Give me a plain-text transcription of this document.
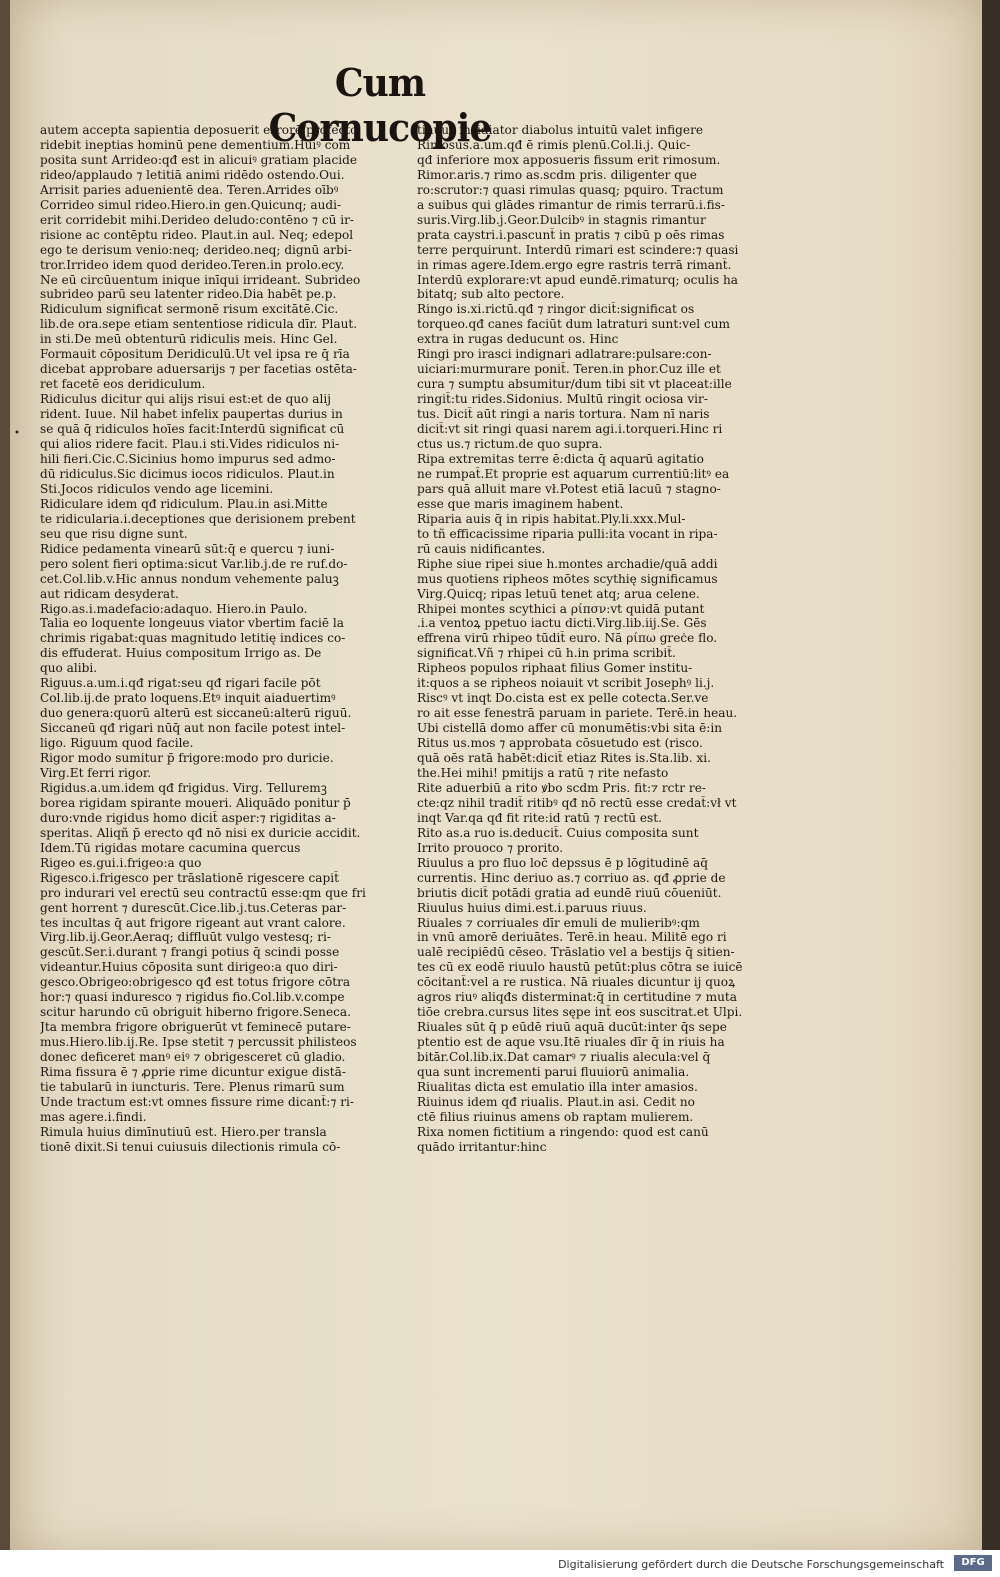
Cum Cornucopie
•

autem accepta sapientia deposuerit errorē/profecto

ridebit ineptias hominū pene dementium.Huiꝰ com

posita sunt Arrideo:qđ est in alicuiꝰ gratiam placide

rideo/applaudo ⁊ letitiā animi ridēdo ostendo.Oui.

Arrisit paries aduenientē dea. Teren.Arrides oībꝰ

Corrideo simul rideo.Hiero.in gen.Quicunq; audi-

erit corridebit mihi.Derideo deludo:contēno ⁊ cū ir-

risione ac contēptu rideo. Plaut.in aul. Neq; edepol

ego te derisum venio:neq; derideo.neq; dignū arbi-

tror.Irrideo idem quod derideo.Teren.in prolo.ecy.

Ne eū circūuentum inique inīqui irrideant. Subrideo

subrideo parū seu latenter rideo.Dia habēt pe.p.

Ridiculum significat sermonē risum excitātē.Cic.

lib.de ora.sepe etiam sententiose ridicula dīr. Plaut.

in sti.De meū obtenturū ridiculis meis. Hinc Gel.

Formauit cōpositum Deridiculū.Ut vel ipsa re q̄ rīa

dicebat approbare aduersarijs ⁊ per facetias ostēta-

ret facetē eos deridiculum.

Ridiculus dicitur qui alijs risui est:et de quo alij

rident. Iuue. Nil habet infelix paupertas durius in

se quā q̄ ridiculos hoīes facit:Interdū significat cū

qui alios ridere facit. Plau.i sti.Vides ridiculos ni-

hili fieri.Cic.C.Sicinius homo impurus sed admo-

dū ridiculus.Sic dicimus iocos ridiculos. Plaut.in

Sti.Jocos ridiculos vendo age licemini.

Ridiculare idem qđ ridiculum. Plau.in asi.Mitte

te ridicularia.i.deceptiones que derisionem prebent

seu que risu digne sunt.

Ridice pedamenta vinearū sūt:q̄ e quercu ⁊ iuni-

pero solent fieri optima:sicut Var.lib.j.de re ruf.do-

cet.Col.lib.v.Hic annus nondum vehemente paluꝫ

aut ridicam desyderat.

Rigo.as.i.madefacio:adaquo. Hiero.in Paulo.

Talia eo loquente longeuus viator vbertim faciē la

chrimis rigabat:quas magnitudo letitię indices co-

dis effuderat. Huius compositum Irrigo as. De

quo alibi.

Riguus.a.um.i.qđ rigat:seu qđ rigari facile pōt

Col.lib.ij.de prato loquens.Etꝰ inquit aiaduertimꝰ

duo genera:quorū alterū est siccaneū:alterū riguū.

Siccaneū qđ rigari nūq̄ aut non facile potest intel-

ligo. Riguum quod facile.

Rigor modo sumitur p̄ frigore:modo pro duricie.

Virg.Et ferri rigor.

Rigidus.a.um.idem qđ frigidus. Virg. Telluremꝫ

borea rigidam spirante moueri. Aliquādo ponitur p̄

duro:vnde rigidus homo dicit̄ asper:⁊ rigiditas a-

speritas. Aliqñ p̄ erecto qđ nō nisi ex duricie accidit.

Idem.Tū rigidas motare cacumina quercus

Rigeo es.gui.i.frigeo:a quo

Rigesco.i.frigesco per trāslationē rigescere capit̄

pro indurari vel erectū seu contractū esse:qm que fri

gent horrent ⁊ durescūt.Cice.lib.j.tus.Ceteras par-

tes incultas q̄ aut frigore rigeant aut vrant calore.

Virg.lib.ij.Geor.Aeraq; diffluūt vulgo vestesq; ri-

gescūt.Ser.i.durant ⁊ frangi potius q̄ scindi posse

videantur.Huius cōposita sunt dirigeo:a quo diri-

gesco.Obrigeo:obrigesco qđ est totus frigore cōtra

hor:⁊ quasi induresco ⁊ rigidus fio.Col.lib.v.compe

scitur harundo cū obriguit hiberno frigore.Seneca.

Jta membra frigore obriguerūt vt feminecē putare-

mus.Hiero.lib.ij.Re. Ipse stetit ⁊ percussit philisteos

donec deficeret manꝰ eiꝰ ⁊ obrigesceret cū gladio.

Rima fissura ē ⁊ ꝓprie rime dicuntur exigue distā-

tie tabularū in iuncturis. Tere. Plenus rimarū sum

Unde tractum est:vt omnes fissure rime dicant̄:⁊ ri-

mas agere.i.findi.

Rimula huius dimīnutiuū est. Hiero.per transla

tionē dixit.Si tenui cuiusuis dilectionis rimula cō-

tinuus insidiator diabolus intuitū valet infigere

Rimosus.a.um.qđ ē rimis plenū.Col.li.j. Quic-

qđ inferiore mox apposueris fissum erit rimosum.

Rimor.aris.⁊ rimo as.scdm pris. diligenter que

ro:scrutor:⁊ quasi rimulas quasq; pquiro. Tractum

a suibus qui glādes rimantur de rimis terrarū.i.fis-

suris.Virg.lib.j.Geor.Dulcibꝰ in stagnis rimantur

prata caystri.i.pascunt̄ in pratis ⁊ cibū p oēs rimas

terre perquirunt. Interdū rimari est scindere:⁊ quasi

in rimas agere.Idem.ergo egre rastris terrā rimant̄.

Interdū explorare:vt apud eundē.rimaturq; oculis ha

bitatq; sub alto pectore.

Ringo is.xi.rictū.qđ ⁊ ringor dicit̄:significat os

torqueo.qđ canes faciūt dum latraturi sunt:vel cum

extra in rugas deducunt os. Hinc

Ringi pro irasci indignari adlatrare:pulsare:con-

uiciari:murmurare ponit̄. Teren.in phor.Cuz ille et

cura ⁊ sumptu absumitur/dum tibi sit vt placeat:ille

ringit̄:tu rides.Sidonius. Multū ringit ociosa vir-

tus. Dicit̄ aūt ringi a naris tortura. Nam nī naris

dicit̄:vt sit ringi quasi narem agi.i.torqueri.Hinc ri

ctus us.⁊ rictum.de quo supra.

Ripa extremitas terre ē:dicta q̄ aquarū agitatio

ne rumpat̄.Et proprie est aquarum currentiū:litꝰ ea

pars quā alluit mare vł.Potest etiā lacuū ⁊ stagno-

esse que maris imaginem habent.

Riparia auis q̄ in ripis habitat.Ply.li.xxx.Mul-

to tñ efficacissime riparia pulli:ita vocant in ripa-

rū cauis nidificantes.

Riphe siue ripei siue h.montes archadie/quā addi

mus quotiens ripheos mōtes scythię significamus

Virg.Quicq; ripas letuū tenet atq; arua celene.

Rhipei montes scythici a ρίπσν:vt quidā putant

.i.a ventoꝝ ppetuo iactu dicti.Virg.lib.iij.Se. Gēs

effrena virū rhipeo tūdit̄ euro. Nā ρίπω greċe flo.

significat.Vñ ⁊ rhipei cū h.in prima scribit̄.

Ripheos populos riphaat filius Gomer institu-

it:quos a se ripheos noiauit vt scribit Josephꝰ li.j.

Riscꝰ vt inqt Do.cista est ex pelle cotecta.Ser.ve

ro ait esse fenestrā paruam in pariete. Terē.in heau.

Ubi cistellā domo affer cū monumētis:vbi sita ē:in

Ritus us.mos ⁊ approbata cōsuetudo est (risco.

quā oēs ratā habēt:dicit̄ etiaz Rites is.Sta.lib. xi.

the.Hei mihi! pmitijs a ratū ⁊ rite nefasto

Rite aduerbiū a rito ꝟbo scdm Pris. fit:⁊ rctr re-

cte:qz nihil tradit̄ ritibꝰ qđ nō rectū esse credat̄:vł vt

inqt Var.qa qđ fit rite:id ratū ⁊ rectū est.

Rito as.a ruo is.deducit̄. Cuius composita sunt

Irrito prouoco ⁊ prorito.

Riuulus a pro fluo loc̄ depssus ē p lōgitudinē aq̄

currentis. Hinc deriuo as.⁊ corriuo as. qđ ꝓprie de

briutis dicit̄ potādi gratia ad eundē riuū cōueniūt.

Riuulus huius dimi.est.i.paruus riuus.

Riuales ⁊ corriuales dīr emuli de mulieribꝰ:qm

in vnū amorē deriuātes. Terē.in heau. Militē ego ri

ualē recipiēdū cēseo. Trāslatio vel a bestijs q̄ sitien-

tes cū ex eodē riuulo haustū petūt:plus cōtra se iuicē

cōcitant̄:vel a re rustica. Nā riuales dicuntur ij quoꝝ

agros riuꝰ aliqđs disterminat:q̄ in certitudine ⁊ muta

tiōe crebra.cursus lites sępe int̄ eos suscitrat.et Ulpi.

Riuales sūt q̄ p eūdē riuū aquā ducūt:inter q̄s sepe

ptentio est de aque vsu.Itē riuales dīr q̄ in riuis ha

bitār.Col.lib.ix.Dat camarꝰ ⁊ riualis alecula:vel q̄

qua sunt incrementi parui fluuiorū animalia.

Riualitas dicta est emulatio illa inter amasios.

Riuinus idem qđ riualis. Plaut.in asi. Cedit no

ctē filius riuinus amens ob raptam mulierem.

Rixa nomen fictitium a ringendo: quod est canū

quādo irritantur:hinc

Digitalisierung gefördert durch die Deutsche Forschungsgemeinschaft	DFG
